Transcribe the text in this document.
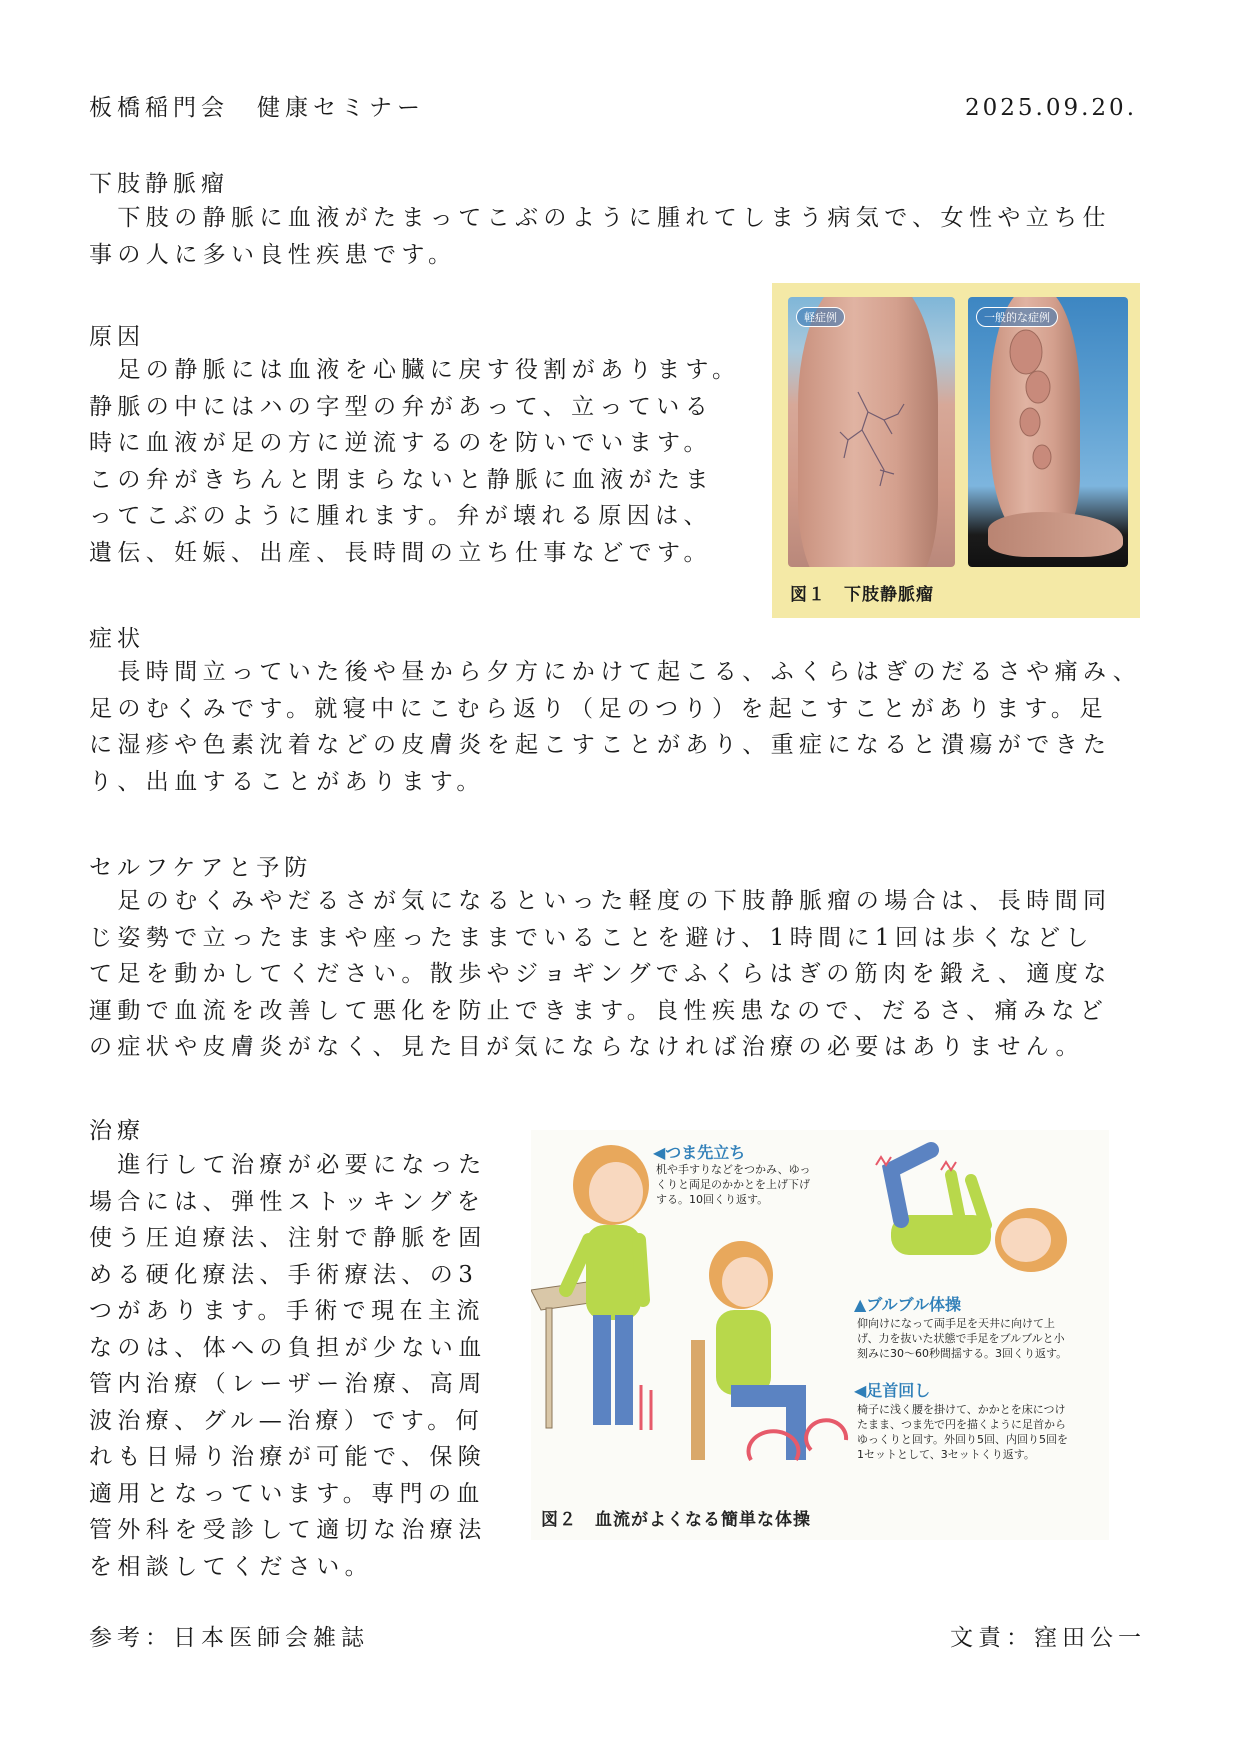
板橋稲門会　健康セミナー	2025.09.20.
下肢静脈瘤
　下肢の静脈に血液がたまってこぶのように腫れてしまう病気で、女性や立ち仕
事の人に多い良性疾患です。
原因
　足の静脈には血液を心臓に戻す役割があります。
静脈の中にはハの字型の弁があって、立っている
時に血液が足の方に逆流するのを防いでいます。
この弁がきちんと閉まらないと静脈に血液がたま
ってこぶのように腫れます。弁が壊れる原因は、
遺伝、妊娠、出産、長時間の立ち仕事などです。
軽症例	一般的な症例
図１　下肢静脈瘤
症状
　長時間立っていた後や昼から夕方にかけて起こる、ふくらはぎのだるさや痛み、
足のむくみです。就寝中にこむら返り（足のつり）を起こすことがあります。足
に湿疹や色素沈着などの皮膚炎を起こすことがあり、重症になると潰瘍ができた
り、出血することがあります。
セルフケアと予防
　足のむくみやだるさが気になるといった軽度の下肢静脈瘤の場合は、長時間同
じ姿勢で立ったままや座ったままでいることを避け、1時間に1回は歩くなどし
て足を動かしてください。散歩やジョギングでふくらはぎの筋肉を鍛え、適度な
運動で血流を改善して悪化を防止できます。良性疾患なので、だるさ、痛みなど
の症状や皮膚炎がなく、見た目が気にならなければ治療の必要はありません。
治療
　進行して治療が必要になった
場合には、弾性ストッキングを
使う圧迫療法、注射で静脈を固
める硬化療法、手術療法、の3
つがあります。手術で現在主流
なのは、体への負担が少ない血
管内治療（レーザー治療、高周
波治療、グル—治療）です。何
れも日帰り治療が可能で、保険
適用となっています。専門の血
管外科を受診して適切な治療法
を相談してください。
◀つま先立ち
机や手すりなどをつかみ、ゆっ
くりと両足のかかとを上げ下げ
する。10回くり返す。
▲ブルブル体操
仰向けになって両手足を天井に向けて上
げ、力を抜いた状態で手足をブルブルと小
刻みに30〜60秒間揺する。3回くり返す。
◀足首回し
椅子に浅く腰を掛けて、かかとを床につけ
たまま、つま先で円を描くように足首から
ゆっくりと回す。外回り5回、内回り5回を
1セットとして、3セットくり返す。
図２　血流がよくなる簡単な体操
参考：日本医師会雑誌	文責：窪田公一
